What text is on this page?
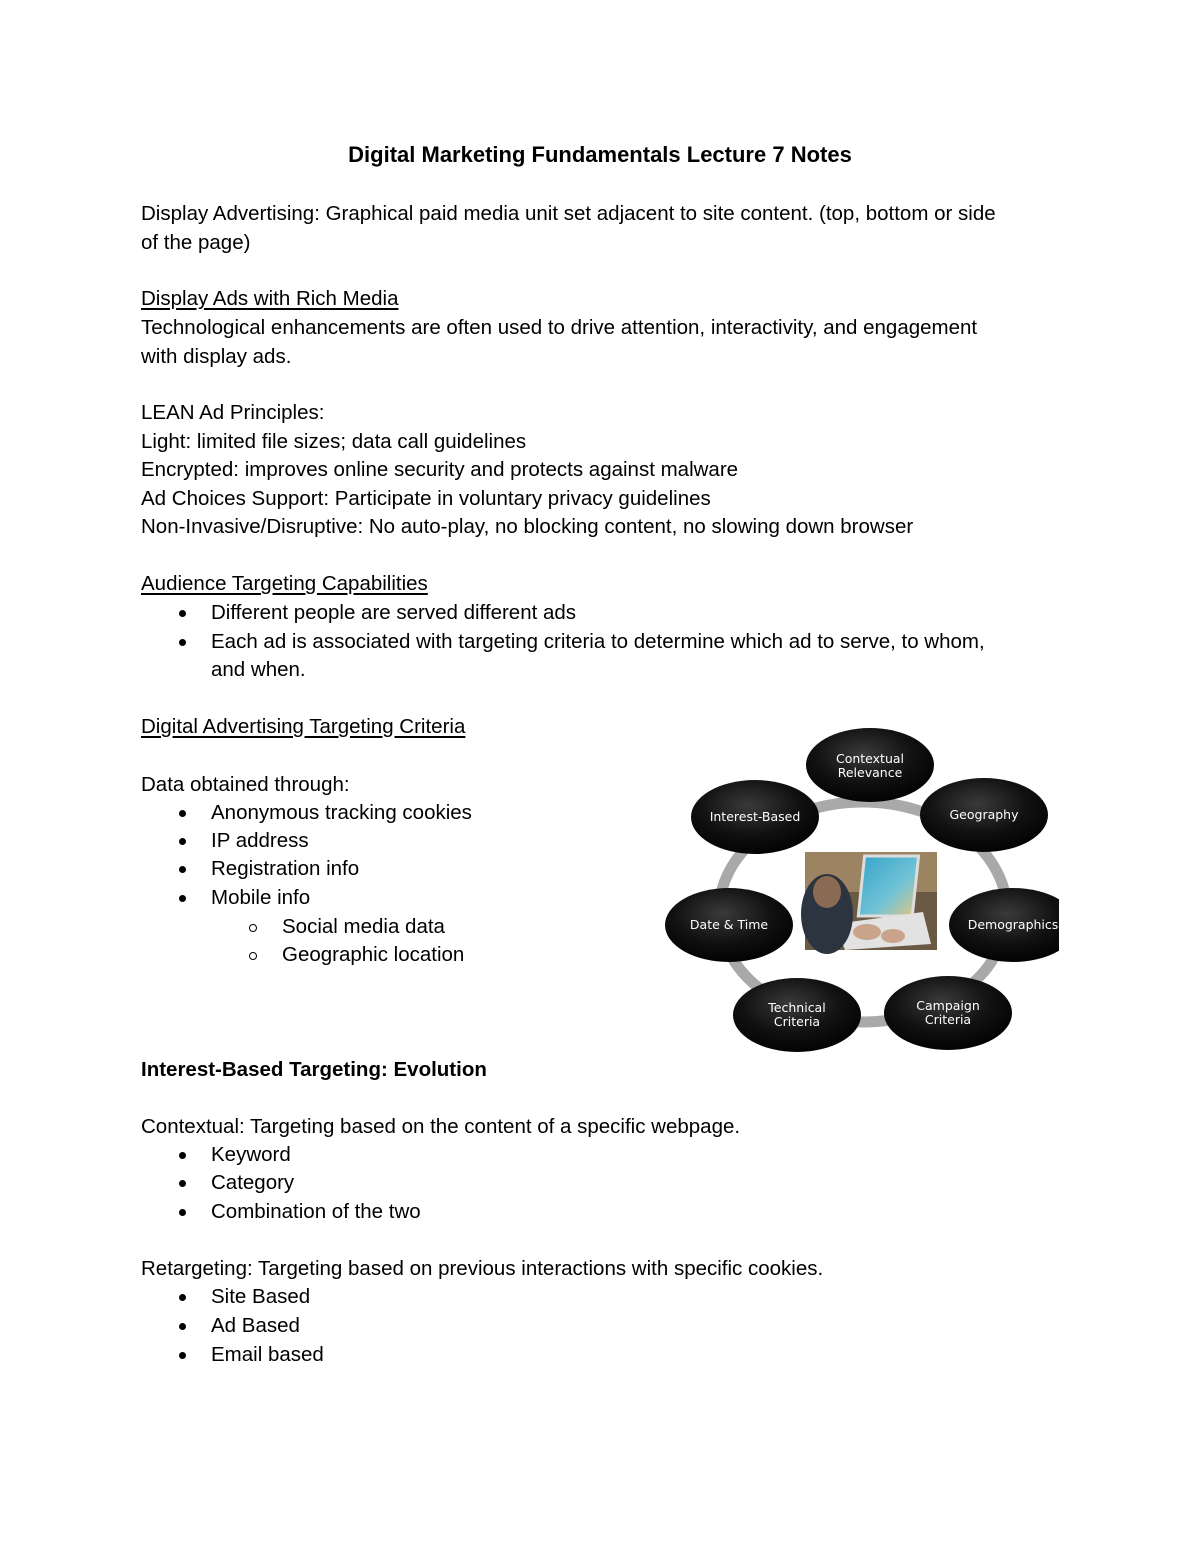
Digital Marketing Fundamentals Lecture 7 Notes
Display Advertising: Graphical paid media unit set adjacent to site content. (top, bottom or side
of the page)
Display Ads with Rich Media
Technological enhancements are often used to drive attention, interactivity, and engagement
with display ads.
LEAN Ad Principles:
Light: limited file sizes; data call guidelines
Encrypted: improves online security and protects against malware
Ad Choices Support: Participate in voluntary privacy guidelines
Non-Invasive/Disruptive: No auto-play, no blocking content, no slowing down browser
Audience Targeting Capabilities
Different people are served different ads
Each ad is associated with targeting criteria to determine which ad to serve, to whom,
and when.
Digital Advertising Targeting Criteria
Data obtained through:
Anonymous tracking cookies
IP address
Registration info
Mobile info
Social media data
Geographic location
Contextual
Relevance
Geography
Demographics
Campaign
Criteria
Technical
Criteria
Date & Time
Interest-Based
Interest-Based Targeting: Evolution
Contextual: Targeting based on the content of a specific webpage.
Keyword
Category
Combination of the two
Retargeting: Targeting based on previous interactions with specific cookies.
Site Based
Ad Based
Email based
